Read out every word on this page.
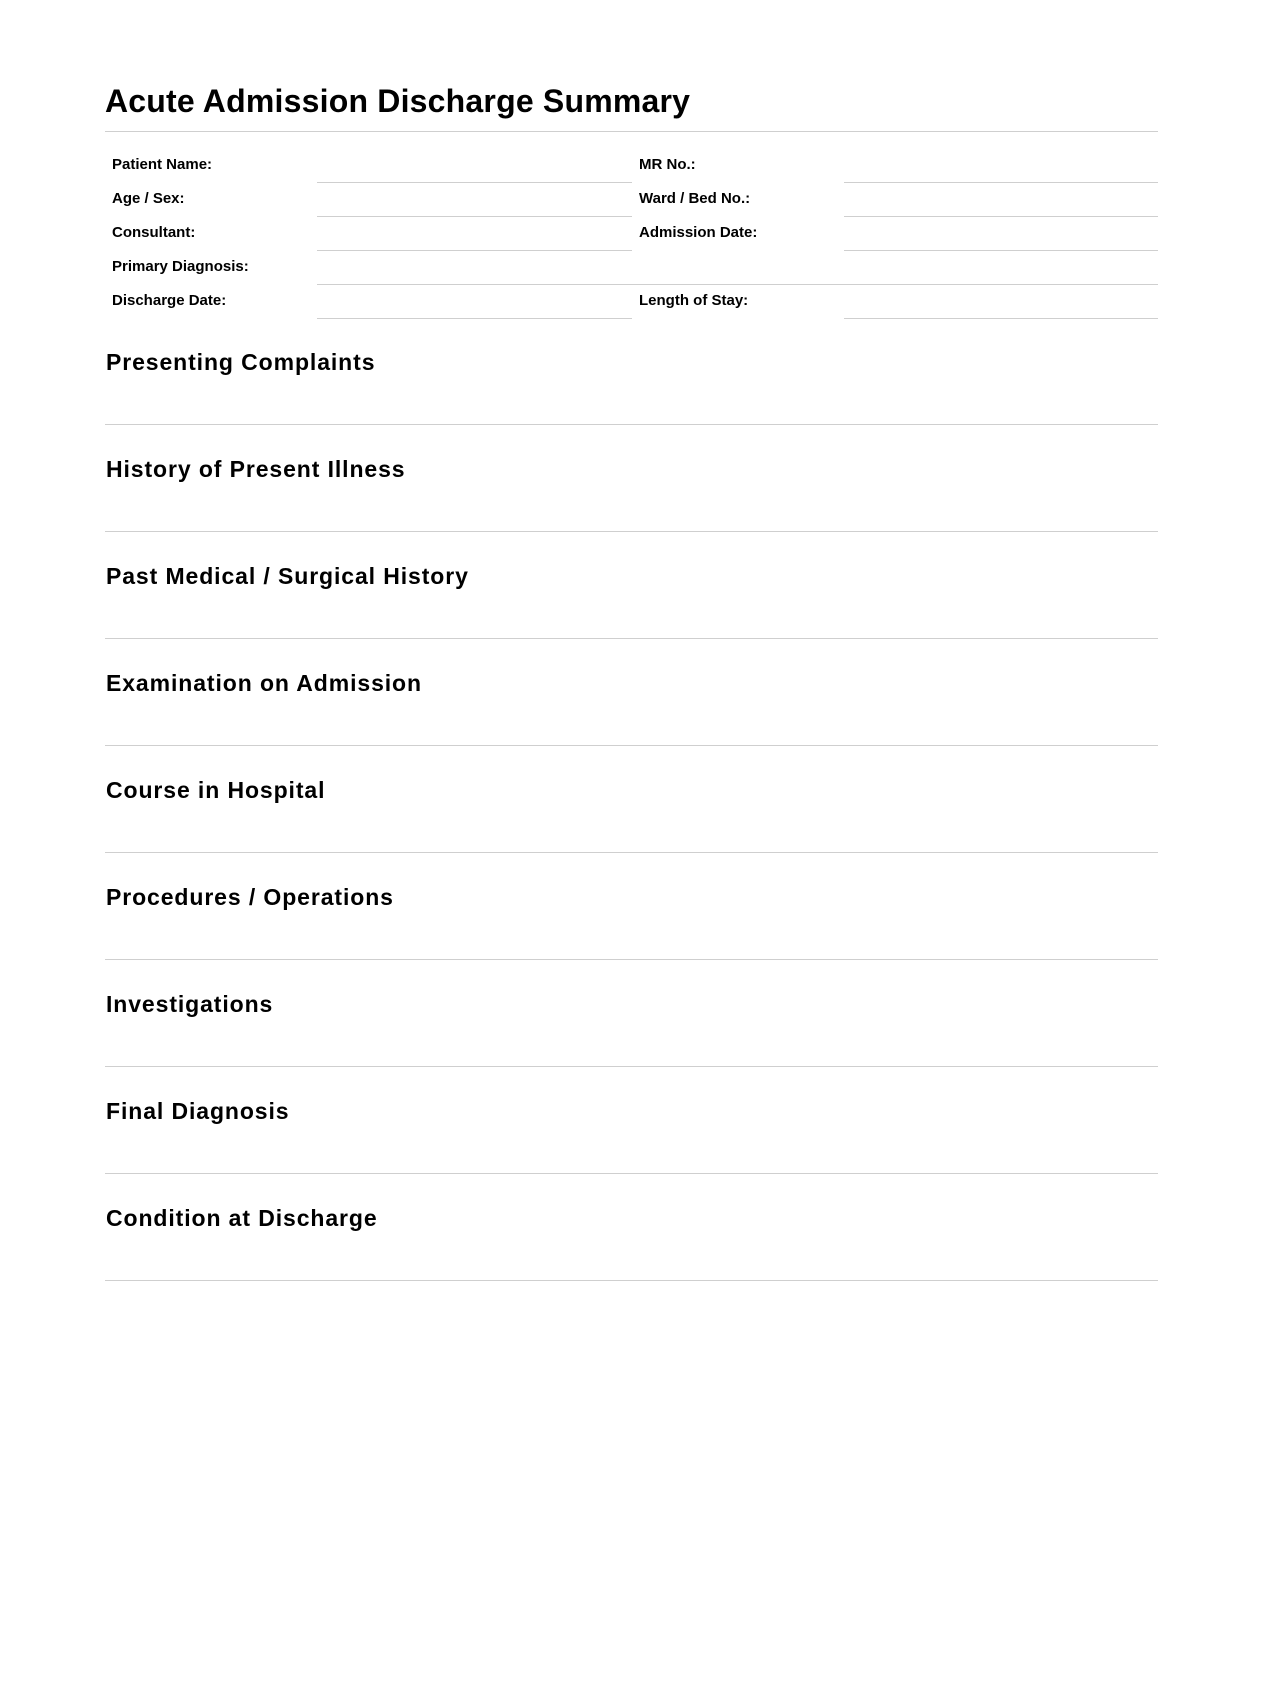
Acute Admission Discharge Summary
Patient Name:		MR No.:	
Age / Sex:		Ward / Bed No.:	
Consultant:		Admission Date:	
Primary Diagnosis:			
Discharge Date:		Length of Stay:	
Presenting Complaints
History of Present Illness
Past Medical / Surgical History
Examination on Admission
Course in Hospital
Procedures / Operations
Investigations
Final Diagnosis
Condition at Discharge
